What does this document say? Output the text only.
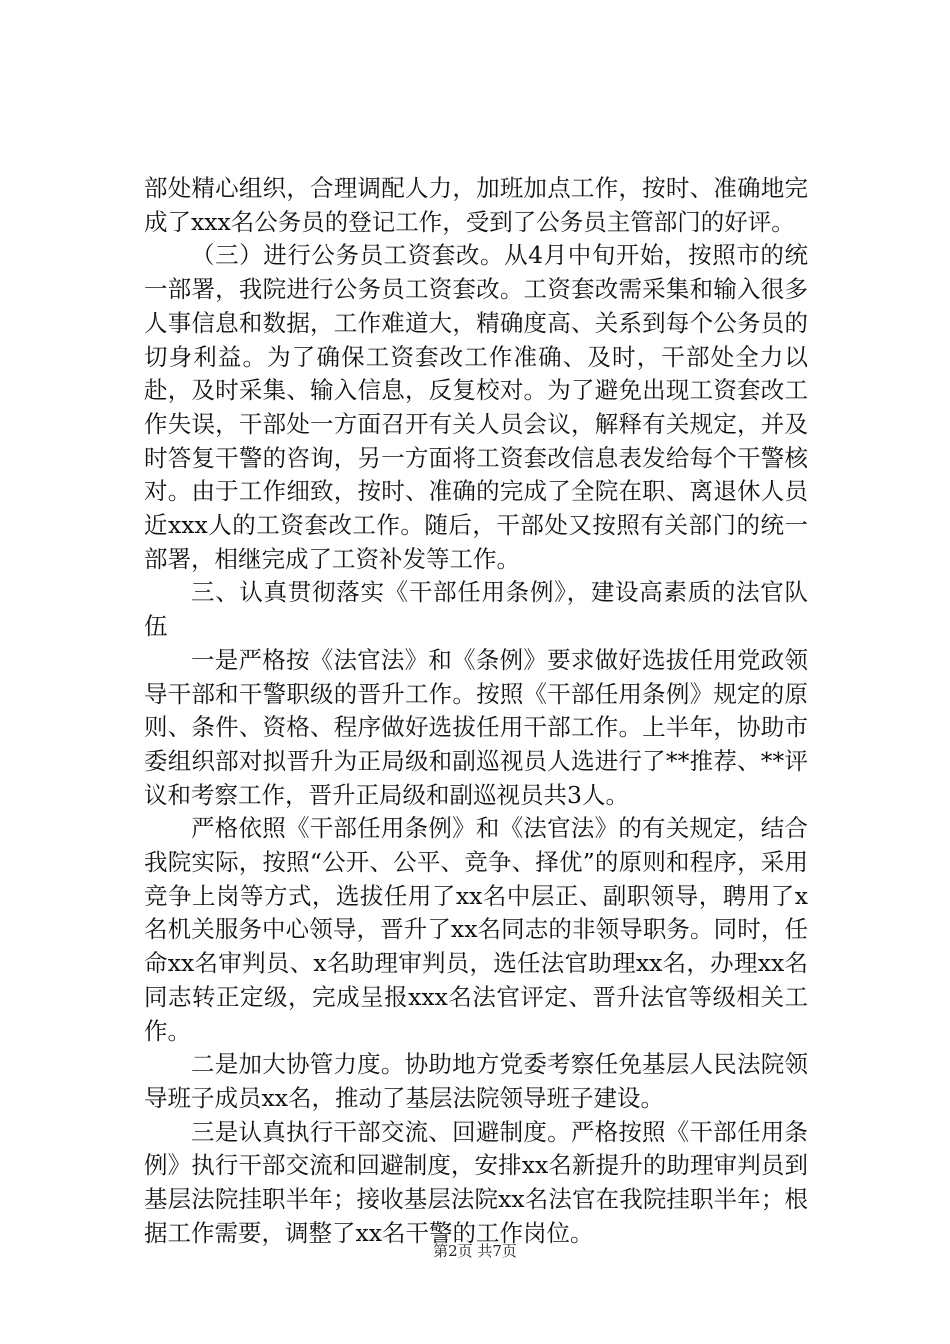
部处精心组织，合理调配人力，加班加点工作，按时、准确地完成了xxx名公务员的登记工作，受到了公务员主管部门的好评。

（三）进行公务员工资套改。从4月中旬开始，按照市的统一部署，我院进行公务员工资套改。工资套改需采集和输入很多人事信息和数据，工作难道大，精确度高、关系到每个公务员的切身利益。为了确保工资套改工作准确、及时，干部处全力以赴，及时采集、输入信息，反复校对。为了避免出现工资套改工作失误，干部处一方面召开有关人员会议，解释有关规定，并及时答复干警的咨询，另一方面将工资套改信息表发给每个干警核对。由于工作细致，按时、准确的完成了全院在职、离退休人员近xxx人的工资套改工作。随后，干部处又按照有关部门的统一部署，相继完成了工资补发等工作。

三、认真贯彻落实《干部任用条例》，建设高素质的法官队伍

一是严格按《法官法》和《条例》要求做好选拔任用党政领导干部和干警职级的晋升工作。按照《干部任用条例》规定的原则、条件、资格、程序做好选拔任用干部工作。上半年，协助市委组织部对拟晋升为正局级和副巡视员人选进行了**推荐、**评议和考察工作，晋升正局级和副巡视员共3人。

严格依照《干部任用条例》和《法官法》的有关规定，结合我院实际，按照“公开、公平、竞争、择优”的原则和程序，采用竞争上岗等方式，选拔任用了xx名中层正、副职领导，聘用了x名机关服务中心领导，晋升了xx名同志的非领导职务。同时，任命xx名审判员、x名助理审判员，选任法官助理xx名，办理xx名同志转正定级，完成呈报xxx名法官评定、晋升法官等级相关工作。

二是加大协管力度。协助地方党委考察任免基层人民法院领导班子成员xx名，推动了基层法院领导班子建设。

三是认真执行干部交流、回避制度。严格按照《干部任用条例》执行干部交流和回避制度，安排xx名新提升的助理审判员到基层法院挂职半年；接收基层法院xx名法官在我院挂职半年；根据工作需要，调整了xx名干警的工作岗位。

第2页 共7页
